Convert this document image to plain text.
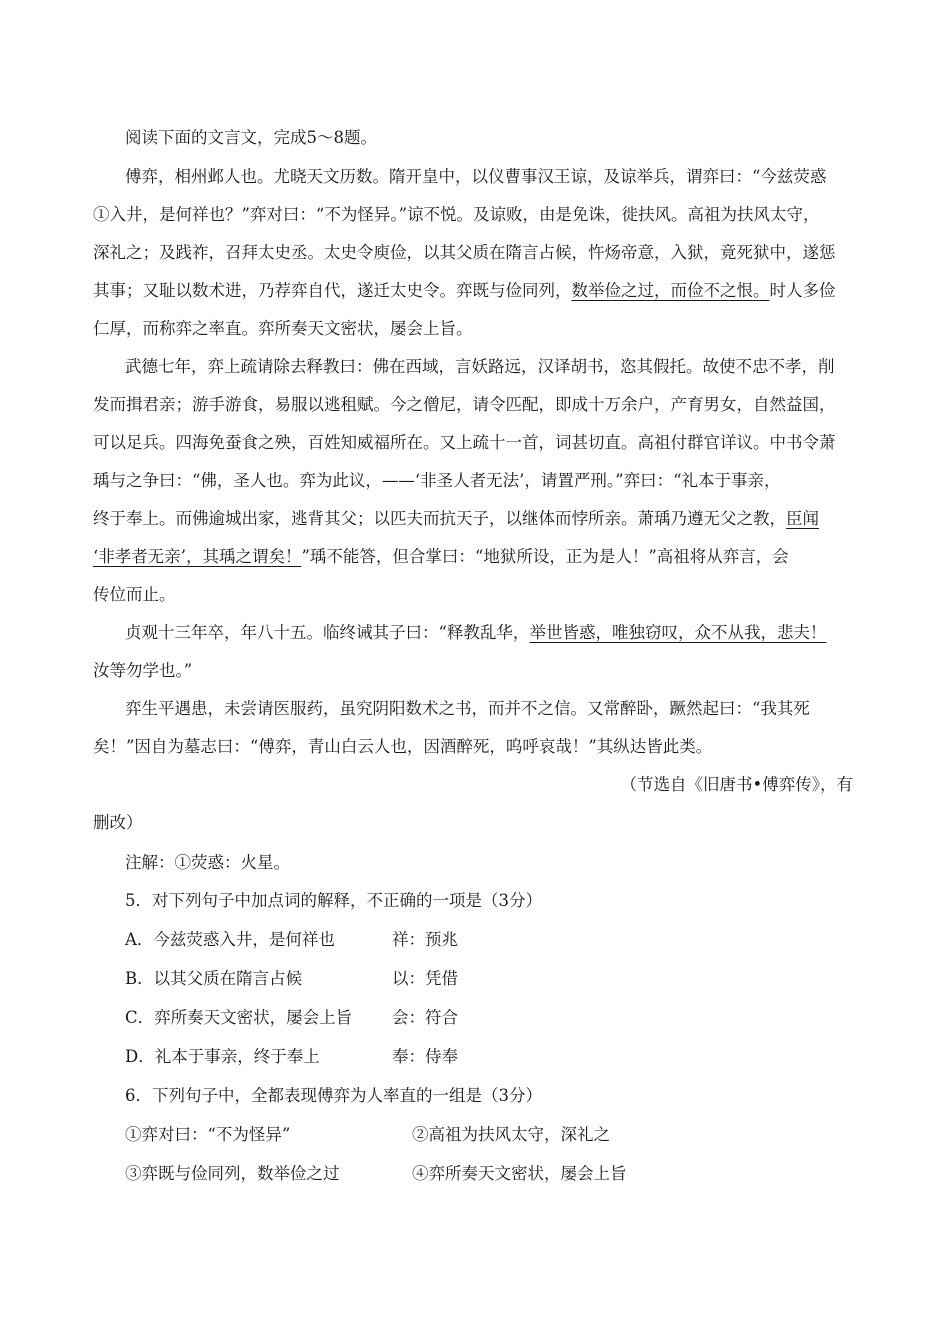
阅读下面的文言文，完成5～8题。
傅弈，相州邺人也。尤晓天文历数。隋开皇中，以仪曹事汉王谅，及谅举兵，谓弈曰：“今兹荧惑
①入井，是何祥也？”弈对曰：“不为怪异。”谅不悦。及谅败，由是免诛，徙扶风。高祖为扶风太守，
深礼之；及践祚，召拜太史丞。太史令庾俭，以其父质在隋言占候，忤炀帝意，入狱，竟死狱中，遂惩
其事；又耻以数术进，乃荐弈自代，遂迁太史令。弈既与俭同列，数举俭之过，而俭不之恨。时人多俭
仁厚，而称弈之率直。弈所奏天文密状，屡会上旨。
武德七年，弈上疏请除去释教曰：佛在西域，言妖路远，汉译胡书，恣其假托。故使不忠不孝，削
发而揖君亲；游手游食，易服以逃租赋。今之僧尼，请令匹配，即成十万余户，产育男女，自然益国，
可以足兵。四海免蚕食之殃，百姓知威福所在。又上疏十一首，词甚切直。高祖付群官详议。中书令萧
瑀与之争曰：“佛，圣人也。弈为此议，——‘非圣人者无法’，请置严刑。”弈曰：“礼本于事亲，
终于奉上。而佛逾城出家，逃背其父；以匹夫而抗天子，以继体而悖所亲。萧瑀乃遵无父之教，臣闻
‘非孝者无亲’，其瑀之谓矣！”瑀不能答，但合掌曰：“地狱所设，正为是人！”高祖将从弈言，会
传位而止。
贞观十三年卒，年八十五。临终诫其子曰：“释教乱华，举世皆惑，唯独窃叹，众不从我，悲夫！
汝等勿学也。”
弈生平遇患，未尝请医服药，虽究阴阳数术之书，而并不之信。又常醉卧，蹶然起曰：“我其死
矣！”因自为墓志曰：“傅弈，青山白云人也，因酒醉死，呜呼哀哉！”其纵达皆此类。
（节选自《旧唐书•傅弈传》，有
删改）
注解：①荧惑：火星。
5．对下列句子中加点词的解释，不正确的一项是（3分）
A．今兹荧惑入井，是何祥也	祥：预兆
B．以其父质在隋言占候	以：凭借
C．弈所奏天文密状，屡会上旨 会：符合
D．礼本于事亲，终于奉上	奉：侍奉
6．下列句子中，全都表现傅弈为人率直的一组是（3分）
①弈对曰：“不为怪异”	②高祖为扶风太守，深礼之
③弈既与俭同列，数举俭之过	④弈所奏天文密状，屡会上旨
